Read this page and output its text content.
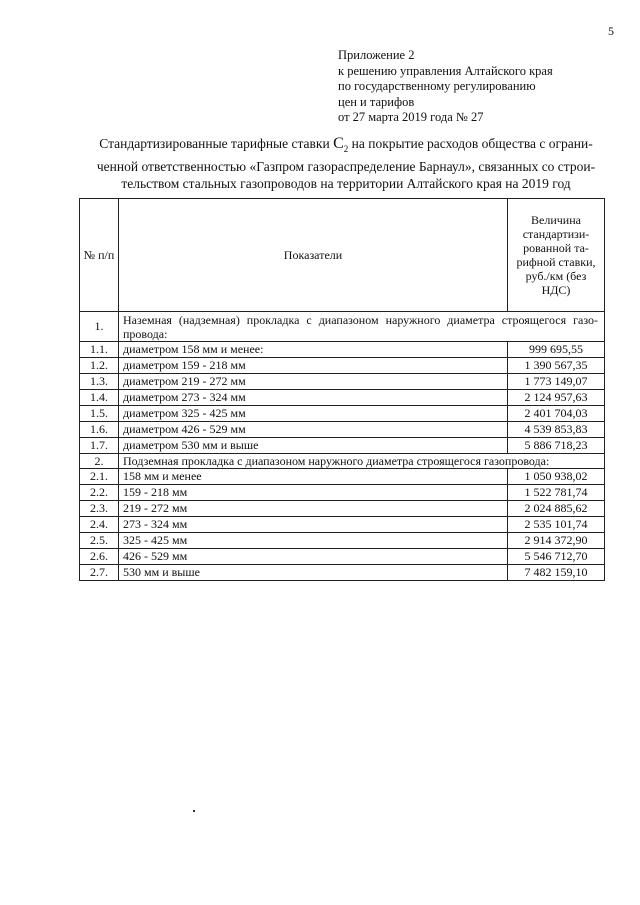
5
Приложение 2
к решению управления Алтайского края
по государственному регулированию
цен и тарифов
от 27 марта 2019 года № 27
Стандартизированные тарифные ставки $С_2$ на покрытие расходов общества с ограни-
ченной ответственностью «Газпром газораспределение Барнаул», связанных со строи-
тельством стальных газопроводов на территории Алтайского края на 2019 год
№ п/п	Показатели	Величина стандартизи- рованной та- рифной ставки, руб./км (без НДС)
1.	Наземная (надземная) прокладка с диапазоном наружного диаметра строящегося газо- провода:	
1.1.	диаметром 158 мм и менее:	999 695,55
1.2.	диаметром 159 - 218 мм	1 390 567,35
1.3.	диаметром 219 - 272 мм	1 773 149,07
1.4.	диаметром 273 - 324 мм	2 124 957,63
1.5.	диаметром 325 - 425 мм	2 401 704,03
1.6.	диаметром 426 - 529 мм	4 539 853,83
1.7.	диаметром 530 мм и выше	5 886 718,23
2.	Подземная прокладка с диапазоном наружного диаметра строящегося газопровода:	
2.1.	158 мм и менее	1 050 938,02
2.2.	159 - 218 мм	1 522 781,74
2.3.	219 - 272 мм	2 024 885,62
2.4.	273 - 324 мм	2 535 101,74
2.5.	325 - 425 мм	2 914 372,90
2.6.	426 - 529 мм	5 546 712,70
2.7.	530 мм и выше	7 482 159,10
